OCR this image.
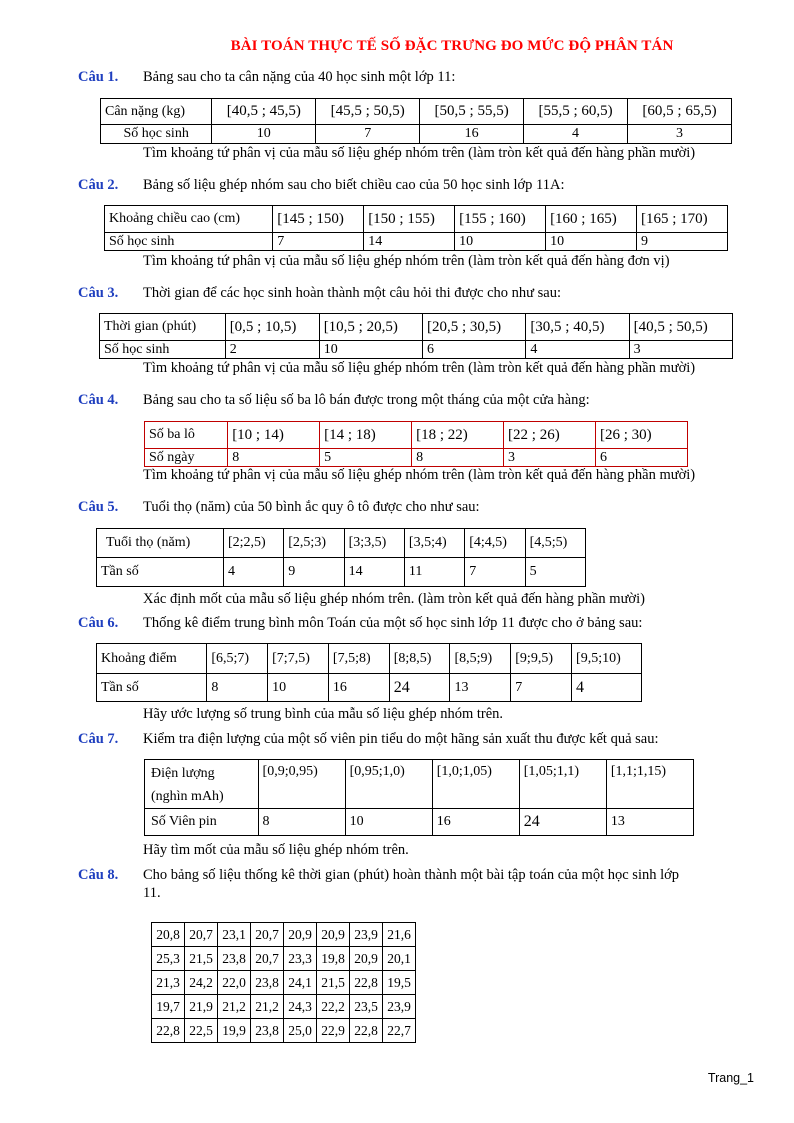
BÀI TOÁN THỰC TẾ SỐ ĐẶC TRƯNG ĐO MỨC ĐỘ PHÂN TÁN
Câu 1. Bảng sau cho ta cân nặng của 40 học sinh một lớp 11:
Cân nặng (kg)	[40,5 ; 45,5)	[45,5 ; 50,5)	[50,5 ; 55,5)	[55,5 ; 60,5)	[60,5 ; 65,5)
Số học sinh	10	7	16	4	3
Tìm khoảng tứ phân vị của mẫu số liệu ghép nhóm trên (làm tròn kết quả đến hàng phần mười)
Câu 2. Bảng số liệu ghép nhóm sau cho biết chiều cao của 50 học sinh lớp 11A:
Khoảng chiều cao (cm)	[145 ; 150)	[150 ; 155)	[155 ; 160)	[160 ; 165)	[165 ; 170)
Số học sinh	7	14	10	10	9
Tìm khoảng tứ phân vị của mẫu số liệu ghép nhóm trên (làm tròn kết quả đến hàng đơn vị)
Câu 3. Thời gian để các học sinh hoàn thành một câu hỏi thi được cho như sau:
Thời gian (phút)	[0,5 ; 10,5)	[10,5 ; 20,5)	[20,5 ; 30,5)	[30,5 ; 40,5)	[40,5 ; 50,5)
Số học sinh	2	10	6	4	3
Tìm khoảng tứ phân vị của mẫu số liệu ghép nhóm trên (làm tròn kết quả đến hàng phần mười)
Câu 4. Bảng sau cho ta số liệu số ba lô bán được trong một tháng của một cửa hàng:
Số ba lô	[10 ; 14)	[14 ; 18)	[18 ; 22)	[22 ; 26)	[26 ; 30)
Số ngày	8	5	8	3	6
Tìm khoảng tứ phân vị của mẫu số liệu ghép nhóm trên (làm tròn kết quả đến hàng phần mười)
Câu 5. Tuổi thọ (năm) của 50 bình ắc quy ô tô được cho như sau:
Tuổi thọ (năm)	[2;2,5)	[2,5;3)	[3;3,5)	[3,5;4)	[4;4,5)	[4,5;5)
Tần số	4	9	14	11	7	5
Xác định mốt của mẫu số liệu ghép nhóm trên. (làm tròn kết quả đến hàng phần mười)
Câu 6. Thống kê điểm trung bình môn Toán của một số học sinh lớp 11 được cho ở bảng sau:
Khoảng điểm	[6,5;7)	[7;7,5)	[7,5;8)	[8;8,5)	[8,5;9)	[9;9,5)	[9,5;10)
Tần số	8	10	16	24	13	7	4
Hãy ước lượng số trung bình của mẫu số liệu ghép nhóm trên.
Câu 7. Kiểm tra điện lượng của một số viên pin tiểu do một hãng sản xuất thu được kết quả sau:
Điện lượng
(nghìn mAh)	[0,9;0,95)	[0,95;1,0)	[1,0;1,05)	[1,05;1,1)	[1,1;1,15)
Số Viên pin	8	10	16	24	13
Hãy tìm mốt của mẫu số liệu ghép nhóm trên.
Câu 8. Cho bảng số liệu thống kê thời gian (phút) hoàn thành một bài tập toán của một học sinh lớp
11.
20,8	20,7	23,1	20,7	20,9	20,9	23,9	21,6
25,3	21,5	23,8	20,7	23,3	19,8	20,9	20,1
21,3	24,2	22,0	23,8	24,1	21,5	22,8	19,5
19,7	21,9	21,2	21,2	24,3	22,2	23,5	23,9
22,8	22,5	19,9	23,8	25,0	22,9	22,8	22,7
Trang_1
